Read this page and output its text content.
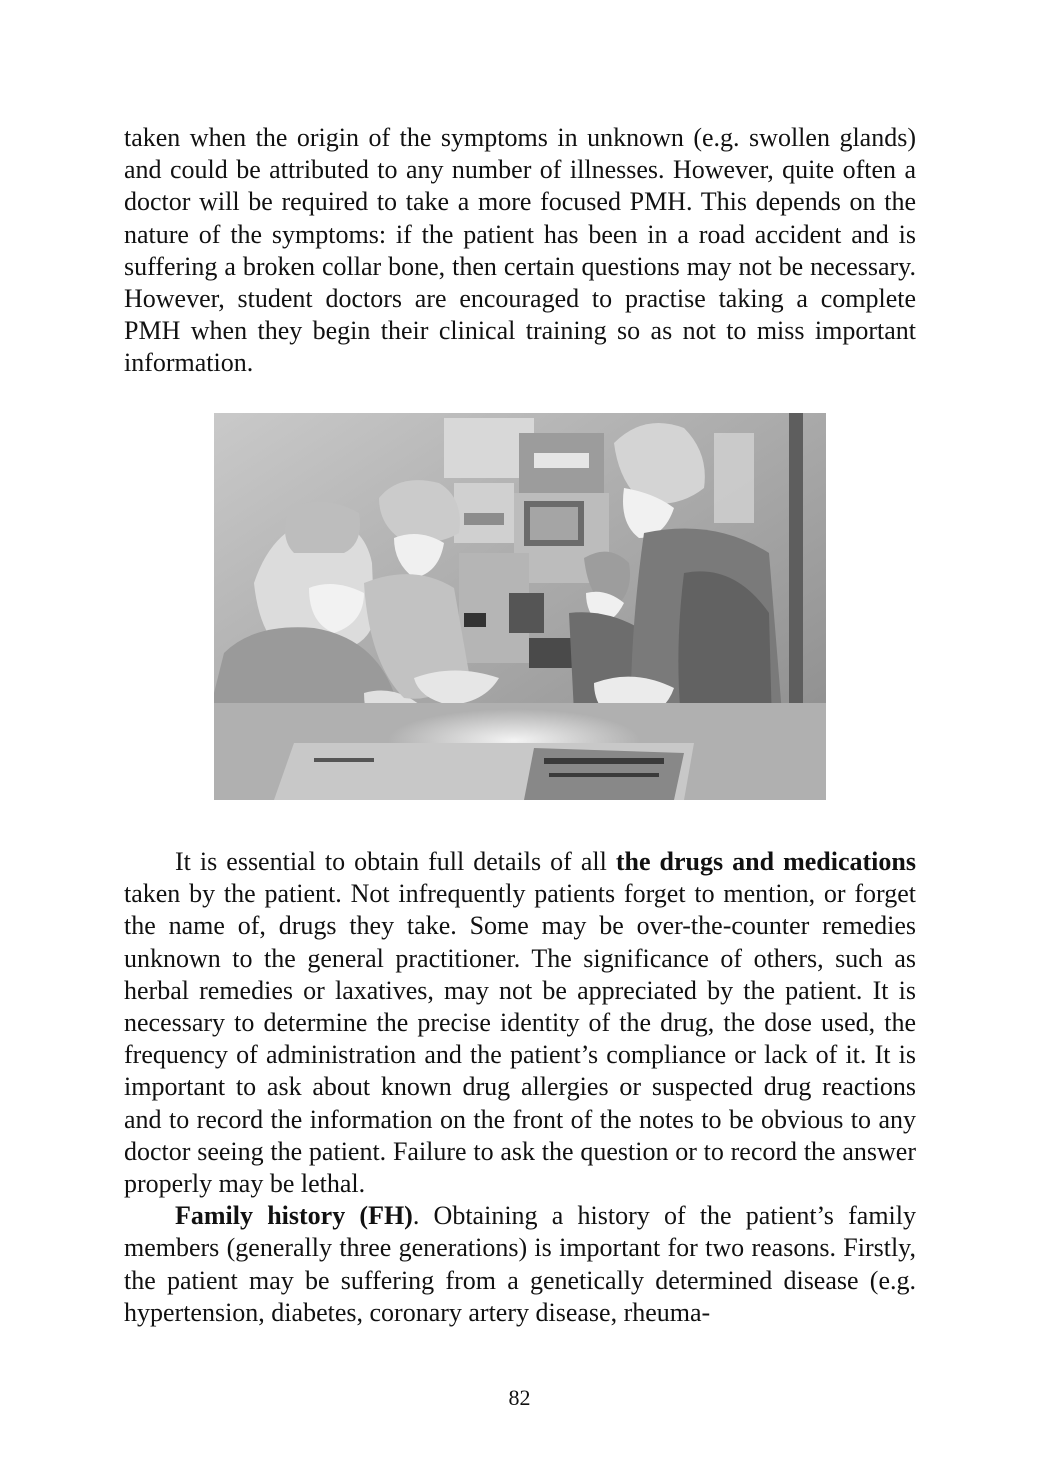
taken when the origin of the symptoms in unknown (e.g. swollen glands) and could be attributed to any number of illnesses. However, quite often a doctor will be required to take a more focused PMH. This depends on the nature of the symptoms: if the patient has been in a road accident and is suffering a broken collar bone, then certain questions may not be necessary. However, student doctors are encouraged to practise taking a complete PMH when they begin their clinical training so as not to miss important information.

It is essential to obtain full details of all the drugs and medications taken by the patient. Not infrequently patients forget to mention, or forget the name of, drugs they take. Some may be over-the-counter remedies unknown to the general practitioner. The significance of others, such as herbal remedies or laxatives, may not be appreciated by the patient. It is necessary to determine the precise identity of the drug, the dose used, the frequency of administration and the patient’s compliance or lack of it. It is important to ask about known drug allergies or suspected drug reactions and to record the information on the front of the notes to be obvious to any doctor seeing the patient. Failure to ask the question or to record the answer properly may be lethal.

Family history (FH). Obtaining a history of the patient’s family members (generally three generations) is important for two reasons. Firstly, the patient may be suffering from a genetically determined disease (e.g. hypertension, diabetes, coronary artery disease, rheuma-

82
